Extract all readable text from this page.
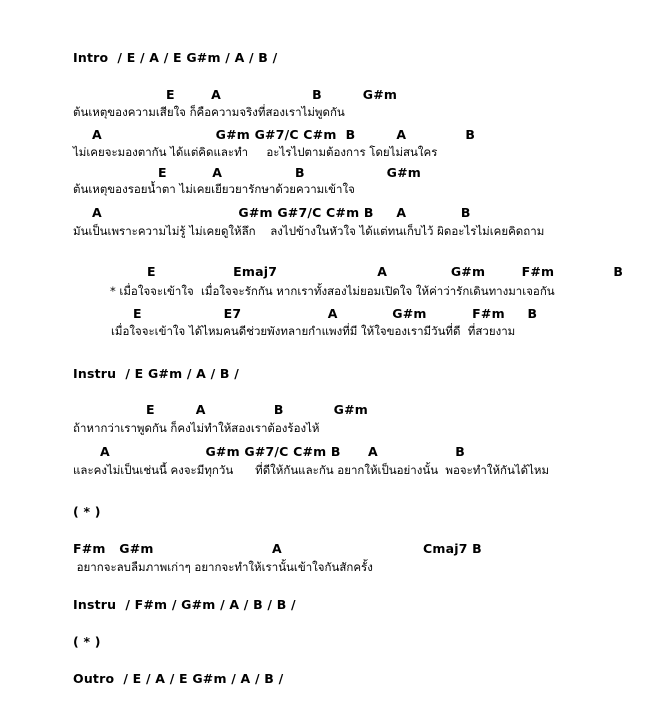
Intro  / E / A / E G#m / A / B /
E        A                    B         G#m
ต้นเหตุของความเสียใจ ก็คือความจริงที่สองเราไม่พูดกัน
A                         G#m G#7/C C#m  B         A             B
ไม่เคยจะมองตากัน ได้แต่คิดและทำ     อะไรไปตามต้องการ โดยไม่สนใคร
E          A                B                  G#m
ต้นเหตุของรอยน้ำตา ไม่เคยเยียวยารักษาด้วยความเข้าใจ
A                              G#m G#7/C C#m B     A            B
มันเป็นเพราะความไม่รู้ ไม่เคยดูให้ลึก    ลงไปข้างในหัวใจ ได้แต่ทนเก็บไว้ ผิดอะไรไม่เคยคิดถาม
E                 Emaj7                      A              G#m        F#m             B
* เมื่อใจจะเข้าใจ  เมื่อใจจะรักกัน หากเราทั้งสองไม่ยอมเปิดใจ ให้ค่าว่ารักเดินทางมาเจอกัน
E                  E7                   A            G#m          F#m     B
เมื่อใจจะเข้าใจ ได้ไหมคนดีช่วยพังทลายกำแพงที่มี ให้ใจของเรามีวันที่ดี  ที่สวยงาม
Instru  / E G#m / A / B /
E         A               B           G#m
ถ้าหากว่าเราพูดกัน ก็คงไม่ทำให้สองเราต้องร้องไห้
A                     G#m G#7/C C#m B      A                 B
และคงไม่เป็นเช่นนี้ คงจะมีทุกวัน      ที่ดีให้กันและกัน อยากให้เป็นอย่างนั้น  พอจะทำให้กันได้ไหม
( * )
F#m   G#m                          A                               Cmaj7 B
อยากจะลบลืมภาพเก่าๆ อยากจะทำให้เรานั้นเข้าใจกันสักครั้ง
Instru  / F#m / G#m / A / B / B /
( * )
Outro  / E / A / E G#m / A / B /
